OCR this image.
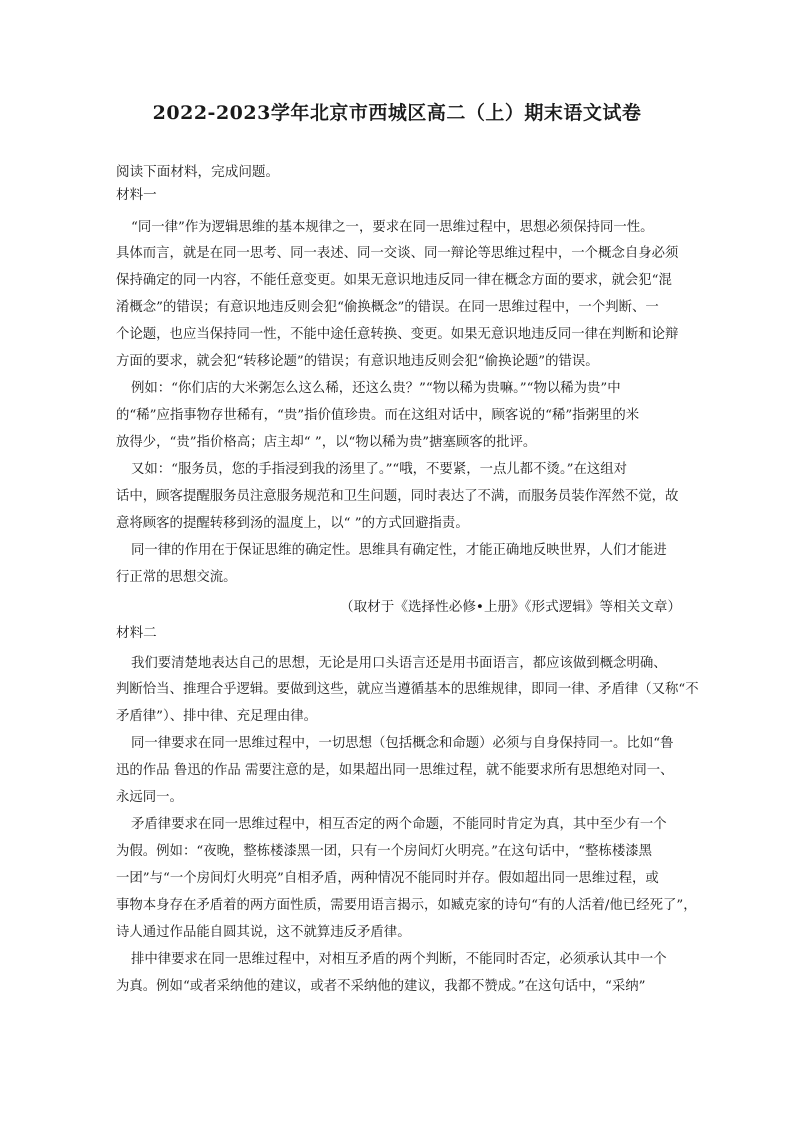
2022-2023学年北京市西城区高二（上）期末语文试卷
阅读下面材料，完成问题。
材料一
“同一律”作为逻辑思维的基本规律之一，要求在同一思维过程中，思想必须保持同一性。
具体而言，就是在同一思考、同一表述、同一交谈、同一辩论等思维过程中，一个概念自身必须
保持确定的同一内容，不能任意变更。如果无意识地违反同一律在概念方面的要求，就会犯“混
淆概念”的错误；有意识地违反则会犯“偷换概念”的错误。在同一思维过程中，一个判断、一
个论题，也应当保持同一性，不能中途任意转换、变更。如果无意识地违反同一律在判断和论辩
方面的要求，就会犯“转移论题”的错误；有意识地违反则会犯“偷换论题”的错误。
例如：“你们店的大米粥怎么这么稀，还这么贵？”“物以稀为贵嘛。”“物以稀为贵”中
的“稀”应指事物存世稀有，“贵”指价值珍贵。而在这组对话中，顾客说的“稀”指粥里的米
放得少，“贵”指价格高；店主却“ ”，以“物以稀为贵”搪塞顾客的批评。
又如：“服务员，您的手指浸到我的汤里了。”“哦，不要紧，一点儿都不烫。”在这组对
话中，顾客提醒服务员注意服务规范和卫生问题，同时表达了不满，而服务员装作浑然不觉，故
意将顾客的提醒转移到汤的温度上，以“ ”的方式回避指责。
同一律的作用在于保证思维的确定性。思维具有确定性，才能正确地反映世界，人们才能进
行正常的思想交流。
（取材于《选择性必修•上册》《形式逻辑》等相关文章）
材料二
我们要清楚地表达自己的思想，无论是用口头语言还是用书面语言，都应该做到概念明确、
判断恰当、推理合乎逻辑。要做到这些，就应当遵循基本的思维规律，即同一律、矛盾律（又称“不
矛盾律”）、排中律、充足理由律。
同一律要求在同一思维过程中，一切思想（包括概念和命题）必须与自身保持同一。比如“鲁
迅的作品 鲁迅的作品 需要注意的是，如果超出同一思维过程，就不能要求所有思想绝对同一、
永远同一。
矛盾律要求在同一思维过程中，相互否定的两个命题，不能同时肯定为真，其中至少有一个
为假。例如：“夜晚，整栋楼漆黑一团，只有一个房间灯火明亮。”在这句话中，“整栋楼漆黑
一团”与“一个房间灯火明亮”自相矛盾，两种情况不能同时并存。假如超出同一思维过程，或
事物本身存在矛盾着的两方面性质，需要用语言揭示，如臧克家的诗句“有的人活着/他已经死了”，
诗人通过作品能自圆其说，这不就算违反矛盾律。
排中律要求在同一思维过程中，对相互矛盾的两个判断，不能同时否定，必须承认其中一个
为真。例如“或者采纳他的建议，或者不采纳他的建议，我都不赞成。”在这句话中，“采纳”
